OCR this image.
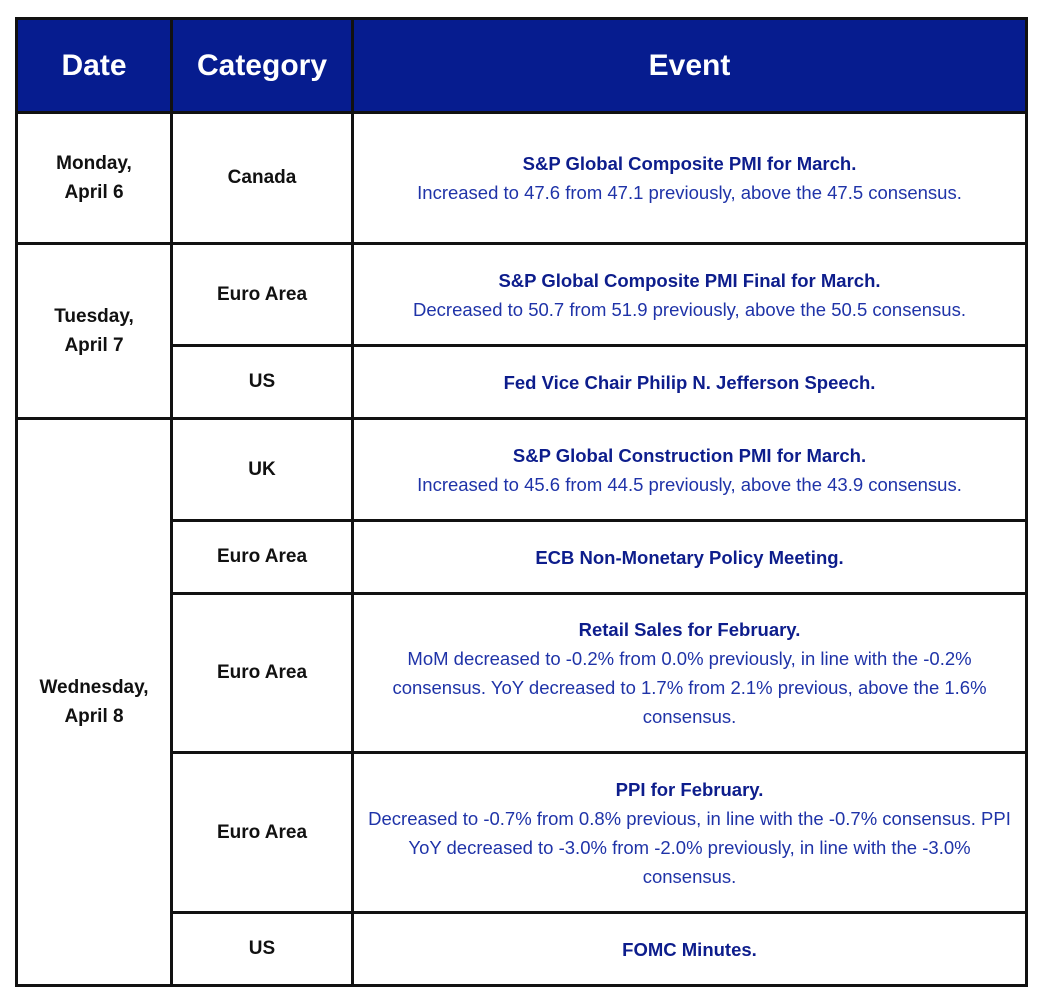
Date	Category	Event

Monday,
April 6	Canada	S&P Global Composite PMI for March.
Increased to 47.6 from 47.1 previously, above the 47.5 consensus.

Tuesday,
April 7	Euro Area	S&P Global Composite PMI Final for March.
Decreased to 50.7 from 51.9 previously, above the 50.5 consensus.

	US	Fed Vice Chair Philip N. Jefferson Speech.

Wednesday,
April 8	UK	S&P Global Construction PMI for March.
Increased to 45.6 from 44.5 previously, above the 43.9 consensus.

	Euro Area	ECB Non-Monetary Policy Meeting.

	Euro Area	Retail Sales for February.
MoM decreased to -0.2% from 0.0% previously, in line with the -0.2% consensus. YoY decreased to 1.7% from 2.1% previous, above the 1.6% consensus.

	Euro Area	PPI for February.
Decreased to -0.7% from 0.8% previous, in line with the -0.7% consensus. PPI YoY decreased to -3.0% from -2.0% previously, in line with the -3.0% consensus.

	US	FOMC Minutes.
